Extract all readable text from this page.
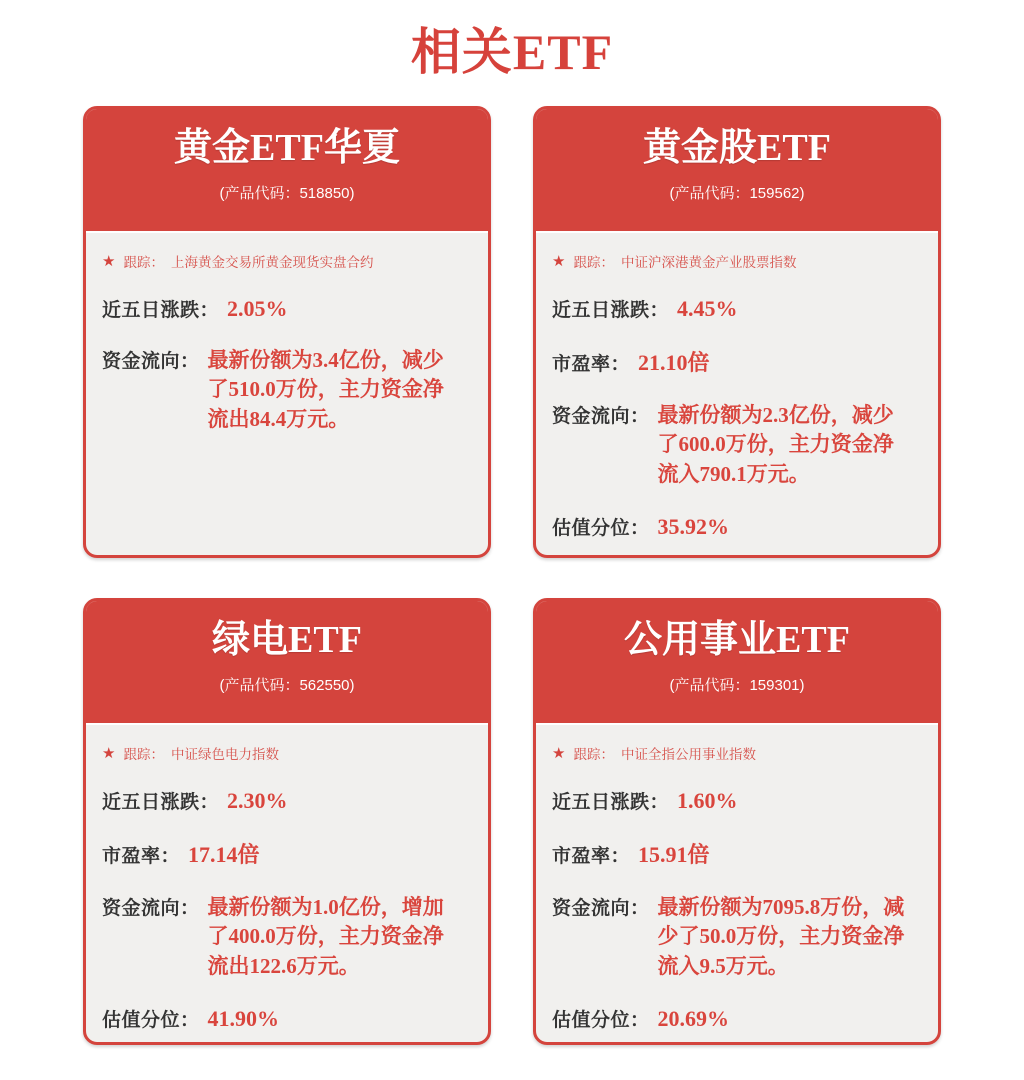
相关ETF
黄金ETF华夏
(产品代码：518850)
★ 跟踪： 上海黄金交易所黄金现货实盘合约
近五日涨跌： 2.05%
资金流向： 最新份额为3.4亿份，减少了510.0万份，主力资金净流出84.4万元。
黄金股ETF
(产品代码：159562)
★ 跟踪： 中证沪深港黄金产业股票指数
近五日涨跌： 4.45%
市盈率： 21.10倍
资金流向： 最新份额为2.3亿份，减少了600.0万份，主力资金净流入790.1万元。
估值分位： 35.92%
绿电ETF
(产品代码：562550)
★ 跟踪： 中证绿色电力指数
近五日涨跌： 2.30%
市盈率： 17.14倍
资金流向： 最新份额为1.0亿份，增加了400.0万份，主力资金净流出122.6万元。
估值分位： 41.90%
公用事业ETF
(产品代码：159301)
★ 跟踪： 中证全指公用事业指数
近五日涨跌： 1.60%
市盈率： 15.91倍
资金流向： 最新份额为7095.8万份，减少了50.0万份，主力资金净流入9.5万元。
估值分位： 20.69%
